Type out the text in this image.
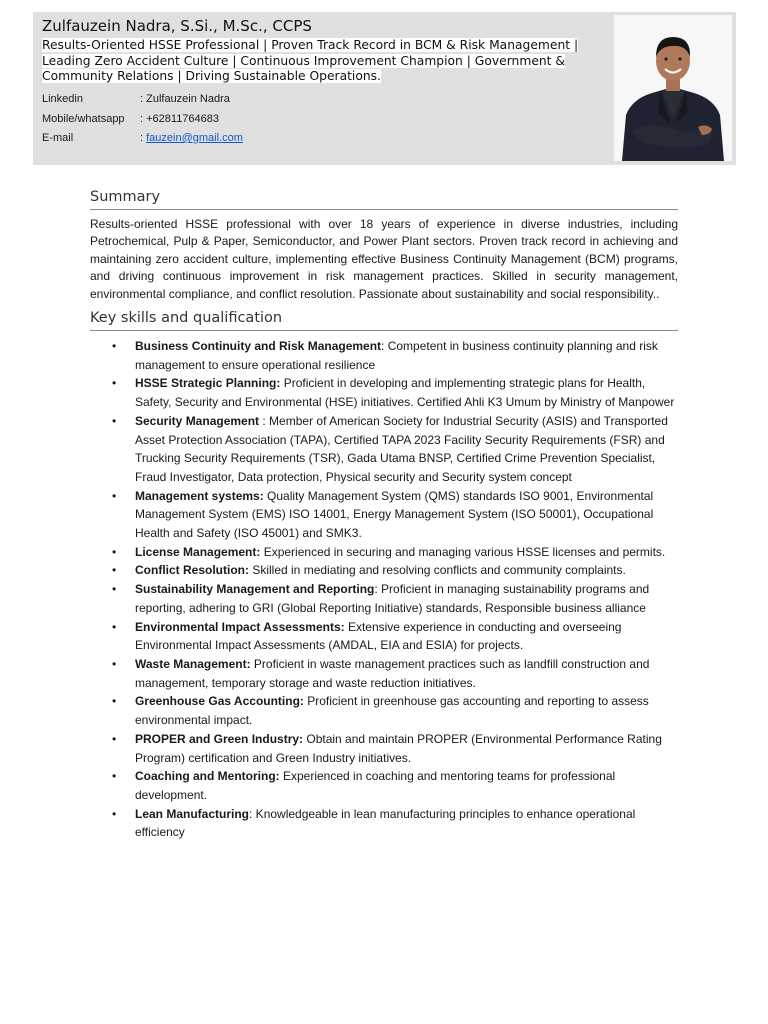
Zulfauzein Nadra, S.Si., M.Sc., CCPS

Results-Oriented HSSE Professional | Proven Track Record in BCM & Risk Management | Leading Zero Accident Culture | Continuous Improvement Champion | Government & Community Relations | Driving Sustainable Operations.

Linkedin	: Zulfauzein Nadra
Mobile/whatsapp	: +62811764683
E-mail	: fauzein@gmail.com
Summary

Results-oriented HSSE professional with over 18 years of experience in diverse industries, including Petrochemical, Pulp & Paper, Semiconductor, and Power Plant sectors. Proven track record in achieving and maintaining zero accident culture, implementing effective Business Continuity Management (BCM) programs, and driving continuous improvement in risk management practices. Skilled in security management, environmental compliance, and conflict resolution. Passionate about sustainability and social responsibility..

Key skills and qualification
• Business Continuity and Risk Management: Competent in business continuity planning and risk management to ensure operational resilience
• HSSE Strategic Planning: Proficient in developing and implementing strategic plans for Health, Safety, Security and Environmental (HSE) initiatives. Certified Ahli K3 Umum by Ministry of Manpower
• Security Management : Member of American Society for Industrial Security (ASIS) and Transported Asset Protection Association (TAPA), Certified TAPA 2023 Facility Security Requirements (FSR) and Trucking Security Requirements (TSR), Gada Utama BNSP, Certified Crime Prevention Specialist, Fraud Investigator, Data protection, Physical security and Security system concept
• Management systems: Quality Management System (QMS) standards ISO 9001, Environmental Management System (EMS) ISO 14001, Energy Management System (ISO 50001), Occupational Health and Safety (ISO 45001) and SMK3.
• License Management: Experienced in securing and managing various HSSE licenses and permits.
• Conflict Resolution: Skilled in mediating and resolving conflicts and community complaints.
• Sustainability Management and Reporting: Proficient in managing sustainability programs and reporting, adhering to GRI (Global Reporting Initiative) standards, Responsible business alliance
• Environmental Impact Assessments: Extensive experience in conducting and overseeing Environmental Impact Assessments (AMDAL, EIA and ESIA) for projects.
• Waste Management: Proficient in waste management practices such as landfill construction and management, temporary storage and waste reduction initiatives.
• Greenhouse Gas Accounting: Proficient in greenhouse gas accounting and reporting to assess environmental impact.
• PROPER and Green Industry: Obtain and maintain PROPER (Environmental Performance Rating Program) certification and Green Industry initiatives.
• Coaching and Mentoring: Experienced in coaching and mentoring teams for professional development.
• Lean Manufacturing: Knowledgeable in lean manufacturing principles to enhance operational efficiency
